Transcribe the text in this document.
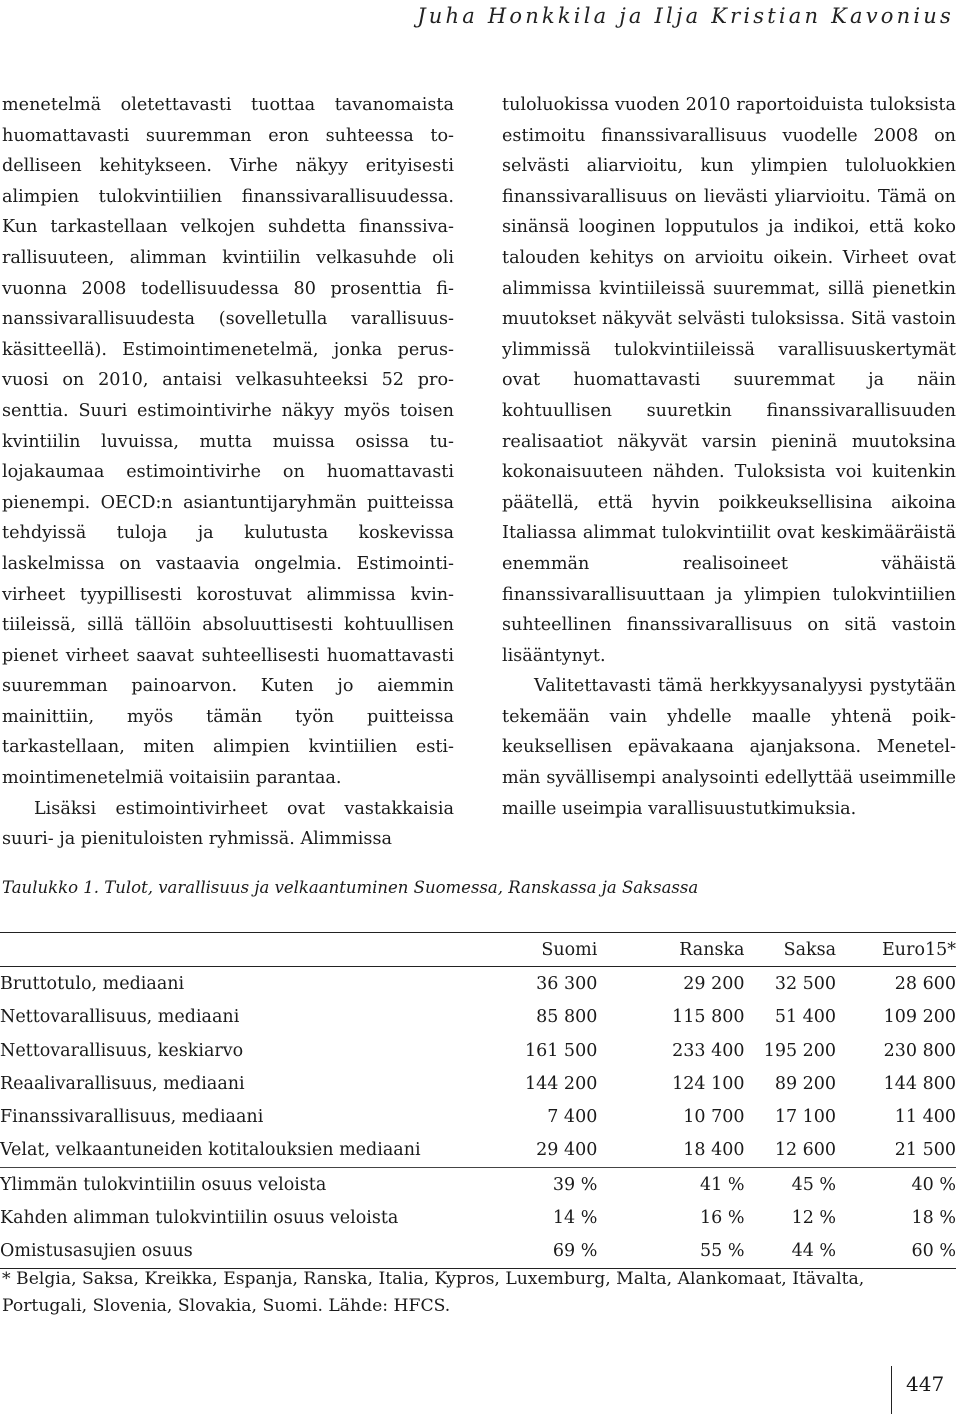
Juha Honkkila ja Ilja Kristian Kavonius

menetelmä oletettavasti tuottaa tavanomaista huomattavasti suuremman eron suhteessa todelliseen kehitykseen. Virhe näkyy erityisesti alimpien tulokvintiilien finanssivarallisuudessa. Kun tarkastellaan velkojen suhdetta finanssivarallisuuteen, alimman kvintiilin velkasuhde oli vuonna 2008 todellisuudessa 80 prosenttia finanssivarallisuudesta (sovelletulla varallisuuskäsitteellä). Estimointimenetelmä, jonka perusvuosi on 2010, antaisi velkasuhteeksi 52 prosenttia. Suuri estimointivirhe näkyy myös toisen kvintiilin luvuissa, mutta muissa osissa tulojakaumaa estimointivirhe on huomattavasti pienempi. OECD:n asiantuntijaryhmän puitteissa tehdyissä tuloja ja kulutusta koskevissa laskelmissa on vastaavia ongelmia. Estimointivirheet tyypillisesti korostuvat alimmissa kvintiileissä, sillä tällöin absoluuttisesti kohtuullisen pienet virheet saavat suhteellisesti huomattavasti suuremman painoarvon. Kuten jo aiemmin mainittiin, myös tämän työn puitteissa tarkastellaan, miten alimpien kvintiilien estimointimenetelmiä voitaisiin parantaa.

Lisäksi estimointivirheet ovat vastakkaisia suuri- ja pienituloisten ryhmissä. Alimmissa

tuloluokissa vuoden 2010 raportoiduista tuloksista estimoitu finanssivarallisuus vuodelle 2008 on selvästi aliarvioitu, kun ylimpien tuloluokkien finanssivarallisuus on lievästi yliarvioitu. Tämä on sinänsä looginen lopputulos ja indikoi, että koko talouden kehitys on arvioitu oikein. Virheet ovat alimmissa kvintiileissä suuremmat, sillä pienetkin muutokset näkyvät selvästi tuloksissa. Sitä vastoin ylimmissä tulokvintiileissä varallisuuskertymät ovat huomattavasti suuremmat ja näin kohtuullisen suuretkin finanssivarallisuuden realisaatiot näkyvät varsin pieninä muutoksina kokonaisuuteen nähden. Tuloksista voi kuitenkin päätellä, että hyvin poikkeuksellisina aikoina Italiassa alimmat tulokvintiilit ovat keskimääräistä enemmän realisoineet vähäistä finanssivarallisuuttaan ja ylimpien tulokvintiilien suhteellinen finanssivarallisuus on sitä vastoin lisääntynyt.

Valitettavasti tämä herkkyysanalyysi pystytään tekemään vain yhdelle maalle yhtenä poikkeuksellisen epävakaana ajanjaksona. Menetelmän syvällisempi analysointi edellyttää useimmille maille useimpia varallisuustutkimuksia.

Taulukko 1. Tulot, varallisuus ja velkaantuminen Suomessa, Ranskassa ja Saksassa
	Suomi	Ranska	Saksa	Euro15*
Bruttotulo, mediaani	36 300	29 200	32 500	28 600
Nettovarallisuus, mediaani	85 800	115 800	51 400	109 200
Nettovarallisuus, keskiarvo	161 500	233 400	195 200	230 800
Reaalivarallisuus, mediaani	144 200	124 100	89 200	144 800
Finanssivarallisuus, mediaani	7 400	10 700	17 100	11 400
Velat, velkaantuneiden kotitalouksien mediaani	29 400	18 400	12 600	21 500
Ylimmän tulokvintiilin osuus veloista	39 %	41 %	45 %	40 %
Kahden alimman tulokvintiilin osuus veloista	14 %	16 %	12 %	18 %
Omistusasujien osuus	69 %	55 %	44 %	60 %
* Belgia, Saksa, Kreikka, Espanja, Ranska, Italia, Kypros, Luxemburg, Malta, Alankomaat, Itävalta,
Portugali, Slovenia, Slovakia, Suomi. Lähde: HFCS.
447
